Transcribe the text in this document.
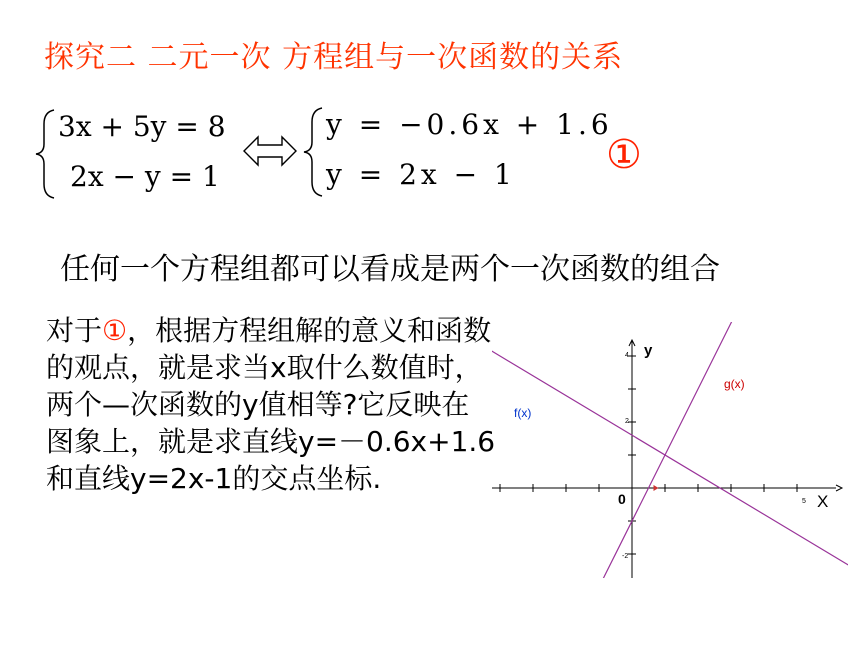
探究二 二元一次 方程组与一次函数的关系
3x + 5y = 8
2x − y = 1
y = −0.6x + 1.6
y = 2x − 1 ①
任何一个方程组都可以看成是两个一次函数的组合
对于①，根据方程组解的意义和函数的观点，就是求当x取什么数值时，两个—次函数的y值相等?它反映在图象上，就是求直线y=－0.6x+1.6和直线y=2x-1的交点坐标.
y
X
0
f(x)
g(x)
4
2
-2
5
